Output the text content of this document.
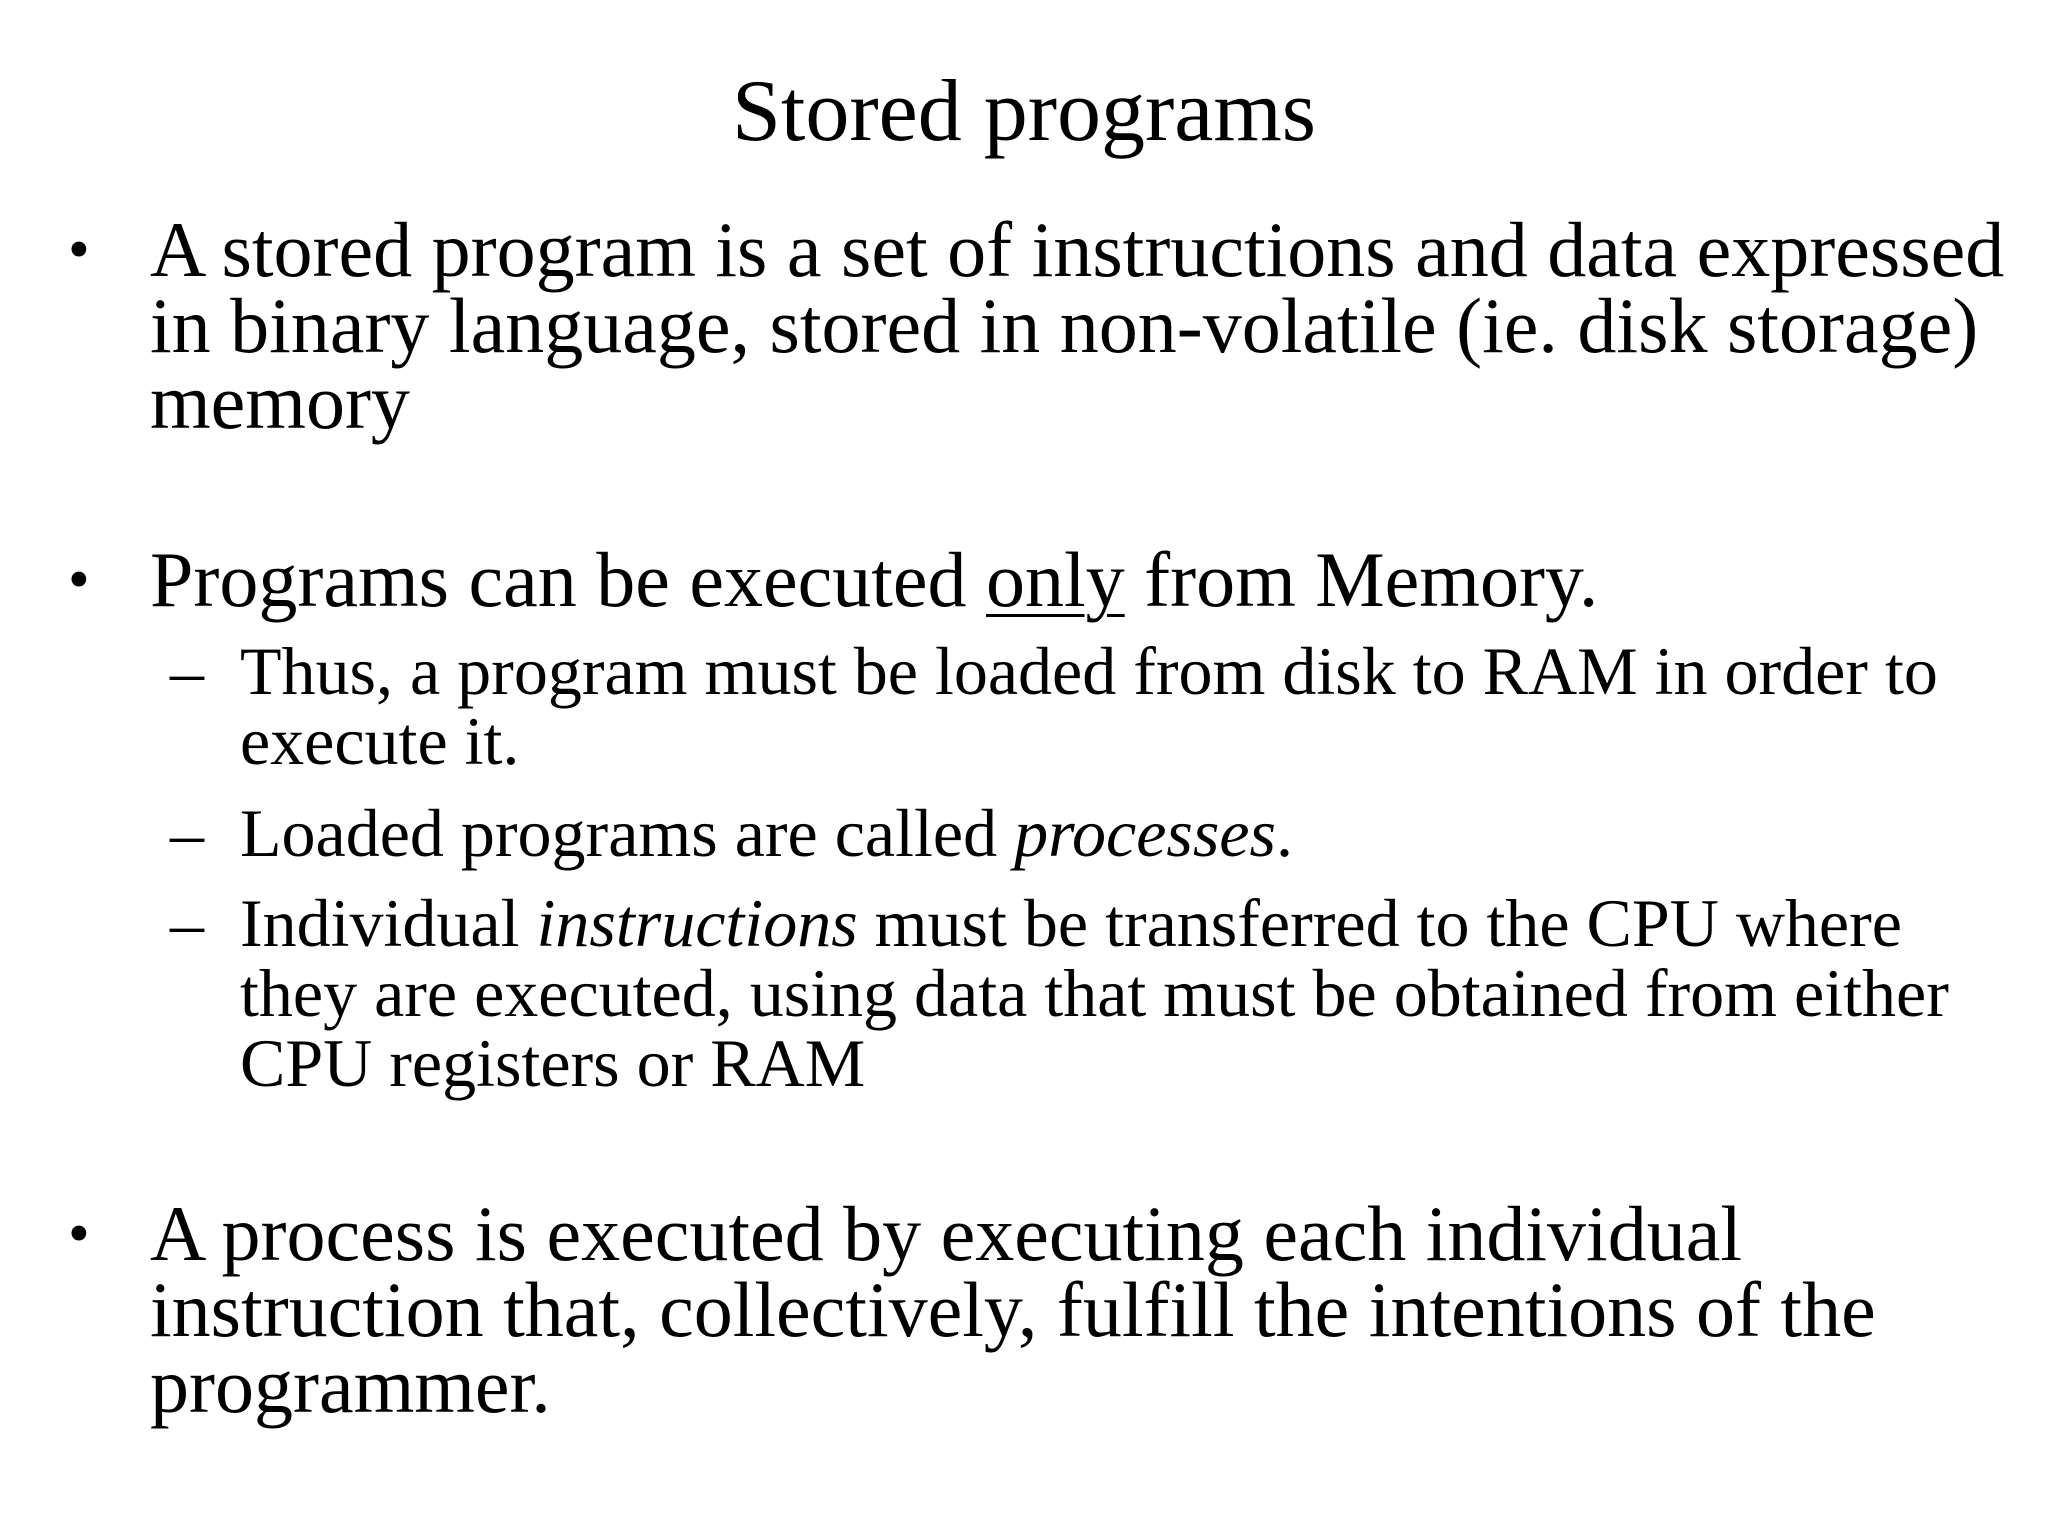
Stored programs
• A stored program is a set of instructions and data expressed in binary language, stored in non-volatile (ie. disk storage) memory
• Programs can be executed only from Memory.
– Thus, a program must be loaded from disk to RAM in order to execute it.
– Loaded programs are called processes.
– Individual instructions must be transferred to the CPU where they are executed, using data that must be obtained from either CPU registers or RAM
• A process is executed by executing each individual instruction that, collectively, fulfill the intentions of the programmer.
